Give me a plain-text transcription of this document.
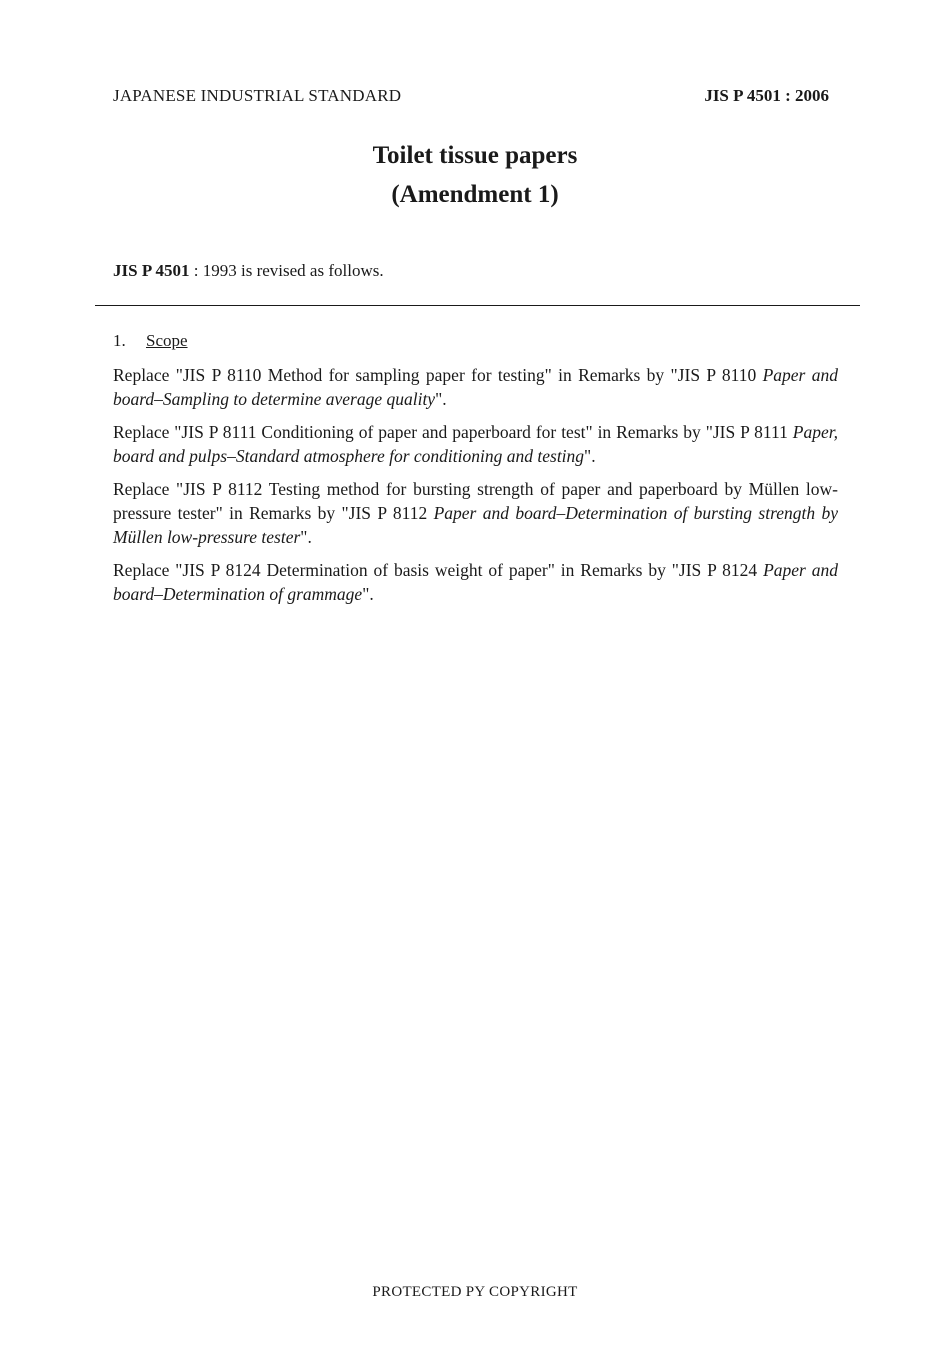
JAPANESE INDUSTRIAL STANDARD	JIS P 4501 : 2006
Toilet tissue papers
(Amendment 1)
JIS P 4501 : 1993 is revised as follows.
1. Scope

Replace "JIS P 8110 Method for sampling paper for testing" in Remarks by "JIS P 8110 Paper and board–Sampling to determine average quality".

Replace "JIS P 8111 Conditioning of paper and paperboard for test" in Remarks by "JIS P 8111 Paper, board and pulps–Standard atmosphere for conditioning and testing".

Replace "JIS P 8112 Testing method for bursting strength of paper and paperboard by Müllen low-pressure tester" in Remarks by "JIS P 8112 Paper and board–Determination of bursting strength by Müllen low-pressure tester".

Replace "JIS P 8124 Determination of basis weight of paper" in Remarks by "JIS P 8124 Paper and board–Determination of grammage".

PROTECTED PY COPYRIGHT
